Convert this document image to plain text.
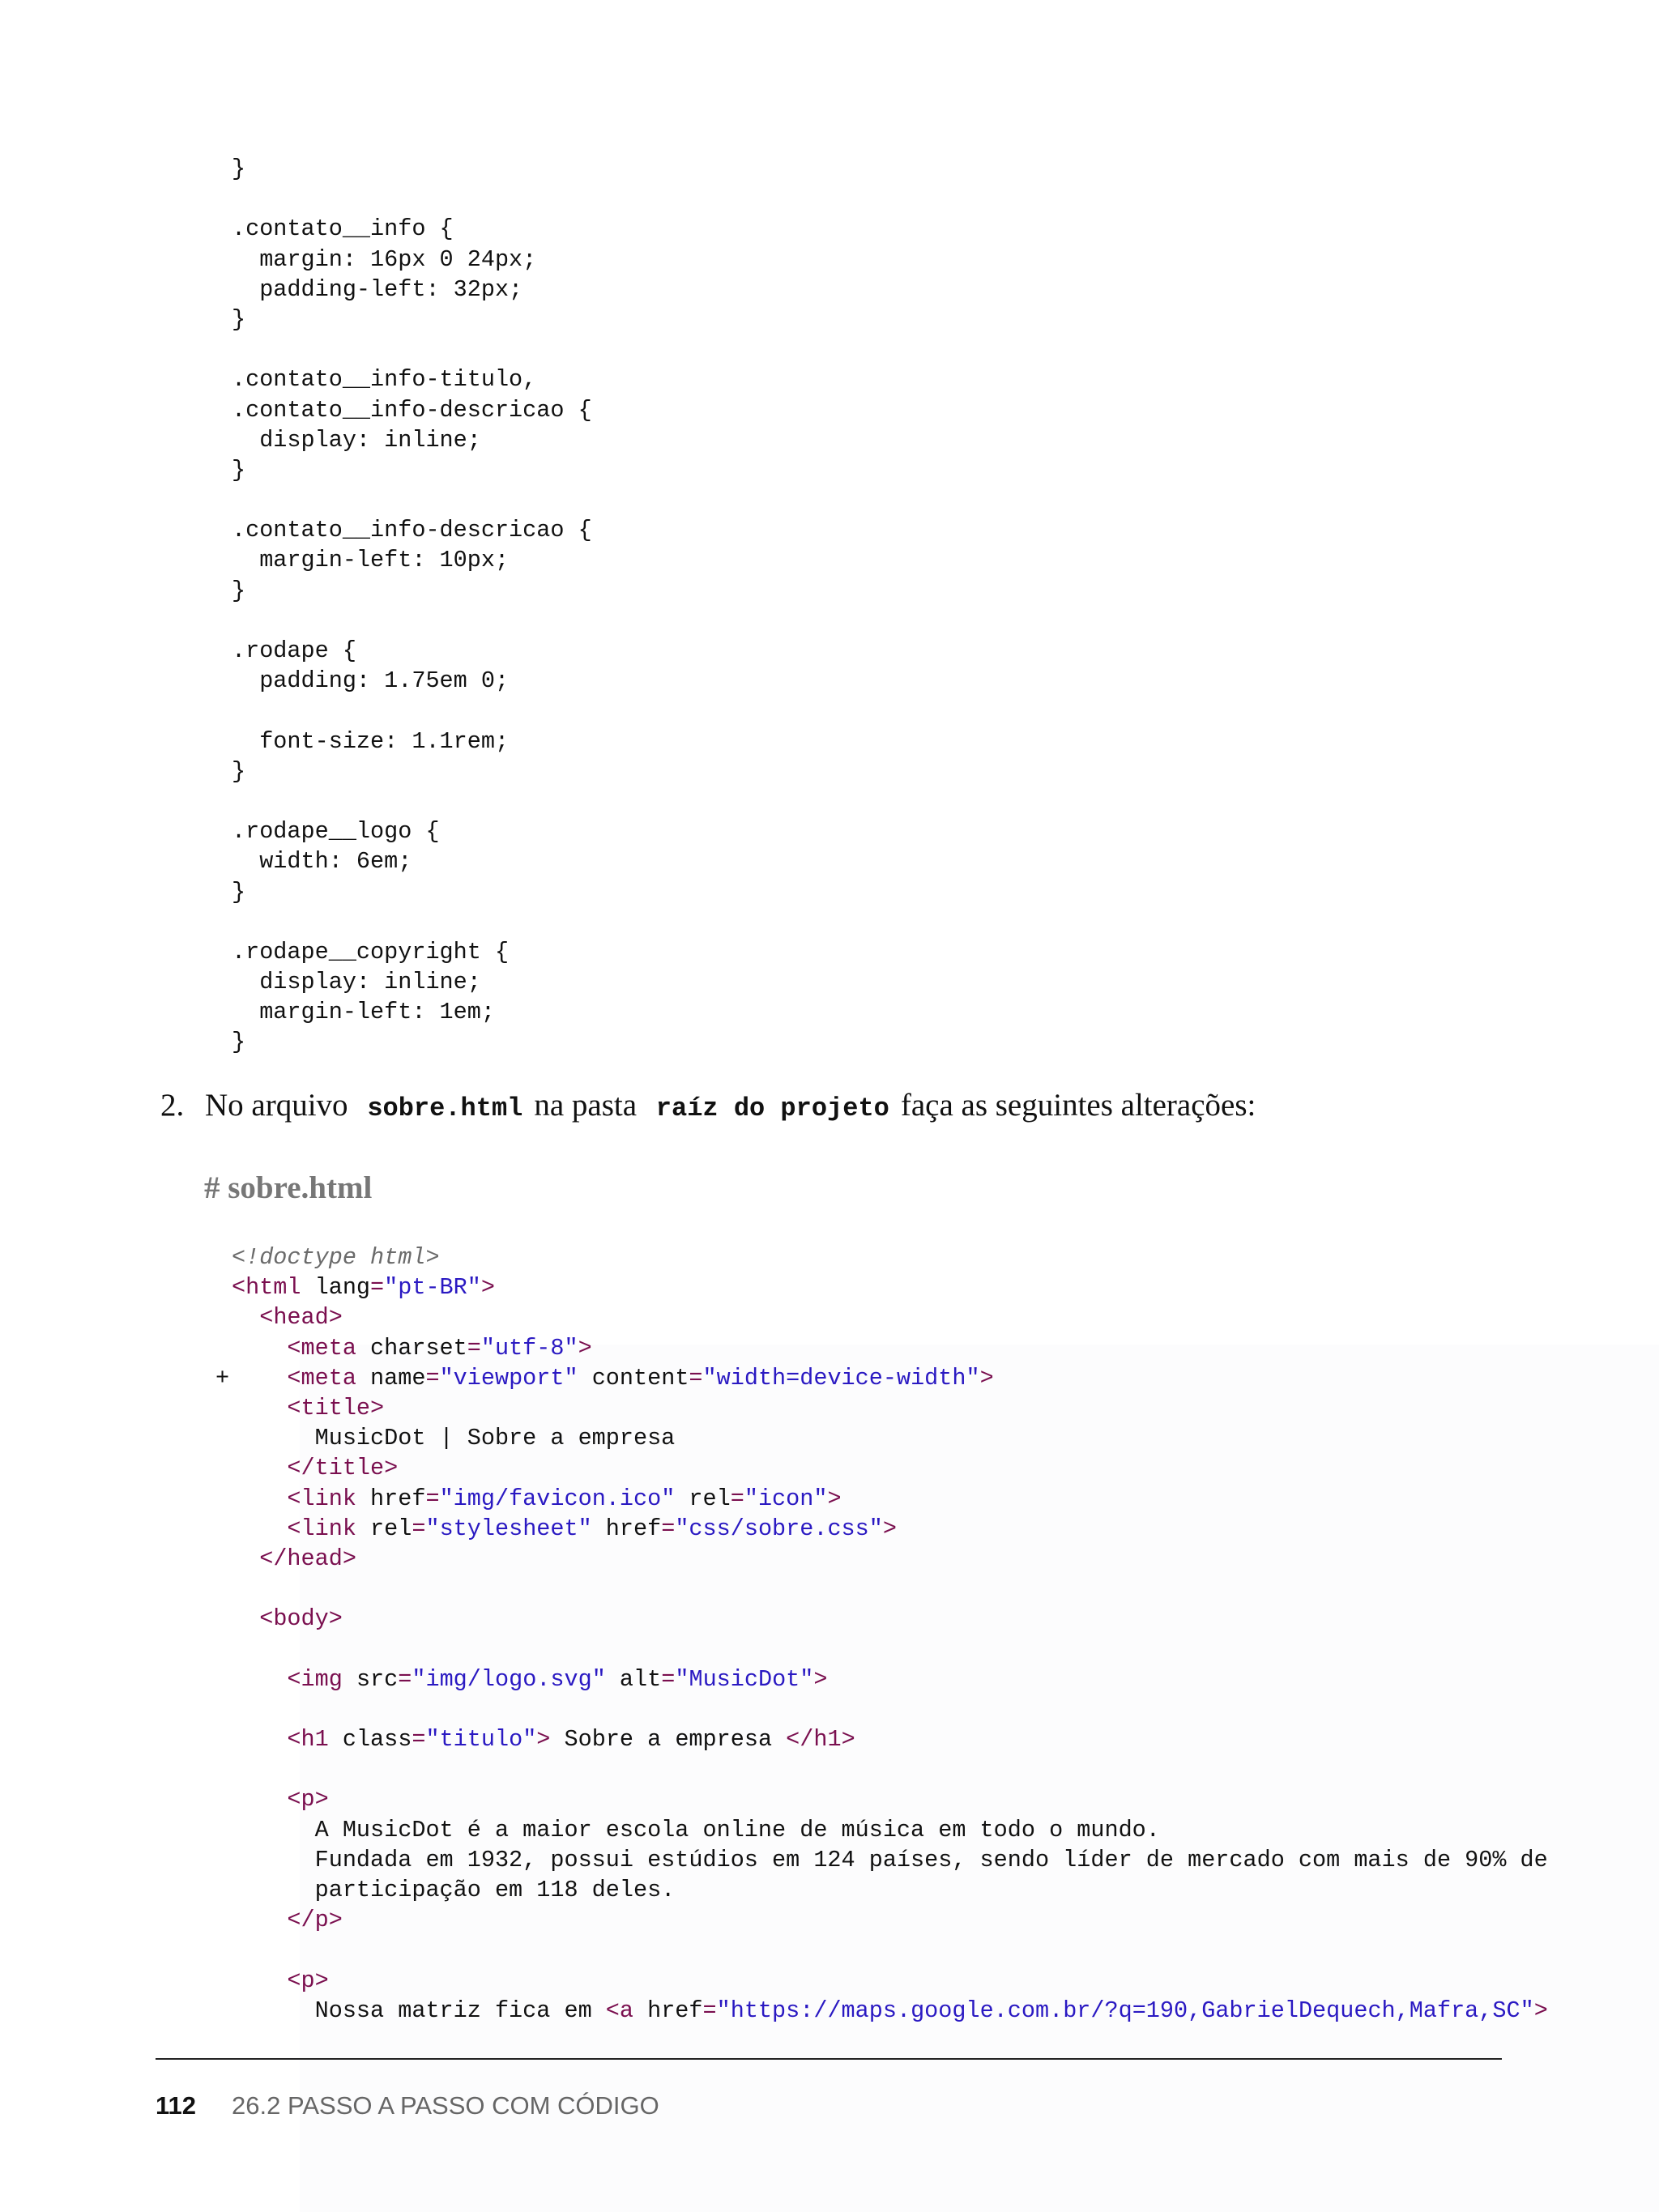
}
.contato__info {
margin: 16px 0 24px;
padding-left: 32px;
}
.contato__info-titulo,
.contato__info-descricao {
display: inline;
}
.contato__info-descricao {
margin-left: 10px;
}
.rodape {
padding: 1.75em 0;
font-size: 1.1rem;
}
.rodape__logo {
width: 6em;
}
.rodape__copyright {
display: inline;
margin-left: 1em;
}
2. No arquivo sobre.html na pasta raíz do projeto faça as seguintes alterações:
# sobre.html
<!doctype html>
<html lang="pt-BR">
<head>
<meta charset="utf-8">
+	<meta name="viewport" content="width=device-width">
<title>
MusicDot | Sobre a empresa
</title>
<link href="img/favicon.ico" rel="icon">
<link rel="stylesheet" href="css/sobre.css">
</head>
<body>
<img src="img/logo.svg" alt="MusicDot">
<h1 class="titulo"> Sobre a empresa </h1>
<p>
A MusicDot é a maior escola online de música em todo o mundo.
Fundada em 1932, possui estúdios em 124 países, sendo líder de mercado com mais de 90% de
participação em 118 deles.
</p>
<p>
Nossa matriz fica em <a href="https://maps.google.com.br/?q=190,GabrielDequech,Mafra,SC">
112 26.2 PASSO A PASSO COM CÓDIGO
